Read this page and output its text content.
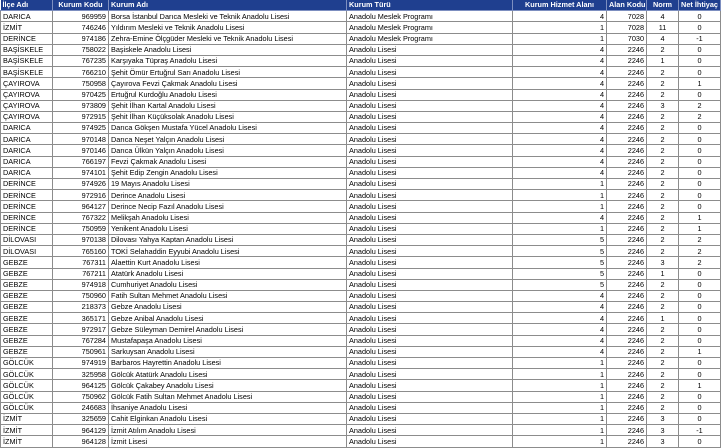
İlçe Adı	Kurum Kodu	Kurum Adı	Kurum Türü	Kurum Hizmet Alanı	Alan Kodu	Norm	Net İhtiyaç
DARICA	969959	Borsa İstanbul Darıca Mesleki ve Teknik Anadolu Lisesi	Anadolu Meslek Programı	4	7028	4	0
İZMİT	746246	Yıldırım Mesleki ve Teknik Anadolu Lisesi	Anadolu Meslek Programı	1	7028	11	0
DERİNCE	974186	Zehra-Emine Ölçgüder Mesleki ve Teknik Anadolu Lisesi	Anadolu Meslek Programı	1	7030	4	-1
BAŞİSKELE	758022	Başiskele Anadolu Lisesi	Anadolu Lisesi	4	2246	2	0
BAŞİSKELE	767235	Karşıyaka Tüpraş Anadolu Lisesi	Anadolu Lisesi	4	2246	1	0
BAŞİSKELE	766210	Şehit Ömür Ertuğrul Sarı Anadolu Lisesi	Anadolu Lisesi	4	2246	2	0
ÇAYIROVA	750958	Çayırova Fevzi Çakmak Anadolu Lisesi	Anadolu Lisesi	4	2246	2	1
ÇAYIROVA	970425	Ertuğrul Kurdoğlu Anadolu Lisesi	Anadolu Lisesi	4	2246	2	0
ÇAYIROVA	973809	Şehit İlhan Kartal Anadolu Lisesi	Anadolu Lisesi	4	2246	3	2
ÇAYIROVA	972915	Şehit İlhan Küçüksolak Anadolu Lisesi	Anadolu Lisesi	4	2246	2	2
DARICA	974925	Darıca Gökşen Mustafa Yücel Anadolu Lisesi	Anadolu Lisesi	4	2246	2	0
DARICA	970148	Darıca Neşet Yalçın Anadolu Lisesi	Anadolu Lisesi	4	2246	2	0
DARICA	970146	Darıca Ülkün Yalçın Anadolu Lisesi	Anadolu Lisesi	4	2246	2	0
DARICA	766197	Fevzi Çakmak Anadolu Lisesi	Anadolu Lisesi	4	2246	2	0
DARICA	974101	Şehit Edip Zengin Anadolu Lisesi	Anadolu Lisesi	4	2246	2	0
DERİNCE	974926	19 Mayıs Anadolu Lisesi	Anadolu Lisesi	1	2246	2	0
DERİNCE	972916	Derince Anadolu Lisesi	Anadolu Lisesi	1	2246	2	0
DERİNCE	964127	Derince Necip Fazıl Anadolu Lisesi	Anadolu Lisesi	1	2246	2	0
DERİNCE	767322	Melikşah Anadolu Lisesi	Anadolu Lisesi	4	2246	2	1
DERİNCE	750959	Yenikent Anadolu Lisesi	Anadolu Lisesi	1	2246	2	1
DİLOVASI	970138	Dilovası Yahya Kaptan Anadolu Lisesi	Anadolu Lisesi	5	2246	2	2
DİLOVASI	765160	TOKİ Selahaddin Eyyubi Anadolu Lisesi	Anadolu Lisesi	5	2246	2	2
GEBZE	767311	Alaettin Kurt Anadolu Lisesi	Anadolu Lisesi	5	2246	3	2
GEBZE	767211	Atatürk Anadolu Lisesi	Anadolu Lisesi	5	2246	1	0
GEBZE	974918	Cumhuriyet Anadolu Lisesi	Anadolu Lisesi	5	2246	2	0
GEBZE	750960	Fatih Sultan Mehmet Anadolu Lisesi	Anadolu Lisesi	4	2246	2	0
GEBZE	218373	Gebze Anadolu Lisesi	Anadolu Lisesi	4	2246	2	0
GEBZE	365171	Gebze Anibal Anadolu Lisesi	Anadolu Lisesi	4	2246	1	0
GEBZE	972917	Gebze Süleyman Demirel Anadolu Lisesi	Anadolu Lisesi	4	2246	2	0
GEBZE	767284	Mustafapaşa Anadolu Lisesi	Anadolu Lisesi	4	2246	2	0
GEBZE	750961	Sarkuysan Anadolu Lisesi	Anadolu Lisesi	4	2246	2	1
GÖLCÜK	974919	Barbaros Hayrettin Anadolu Lisesi	Anadolu Lisesi	1	2246	2	0
GÖLCÜK	325958	Gölcük Atatürk Anadolu Lisesi	Anadolu Lisesi	1	2246	2	0
GÖLCÜK	964125	Gölcük Çakabey Anadolu Lisesi	Anadolu Lisesi	1	2246	2	1
GÖLCÜK	750962	Gölcük Fatih Sultan Mehmet Anadolu Lisesi	Anadolu Lisesi	1	2246	2	0
GÖLCÜK	246683	İhsaniye Anadolu Lisesi	Anadolu Lisesi	1	2246	2	0
İZMİT	325659	Cahit Elginkan Anadolu Lisesi	Anadolu Lisesi	1	2246	3	0
İZMİT	964129	İzmit Atılım Anadolu Lisesi	Anadolu Lisesi	1	2246	3	-1
İZMİT	964128	İzmit Lisesi	Anadolu Lisesi	1	2246	3	0
